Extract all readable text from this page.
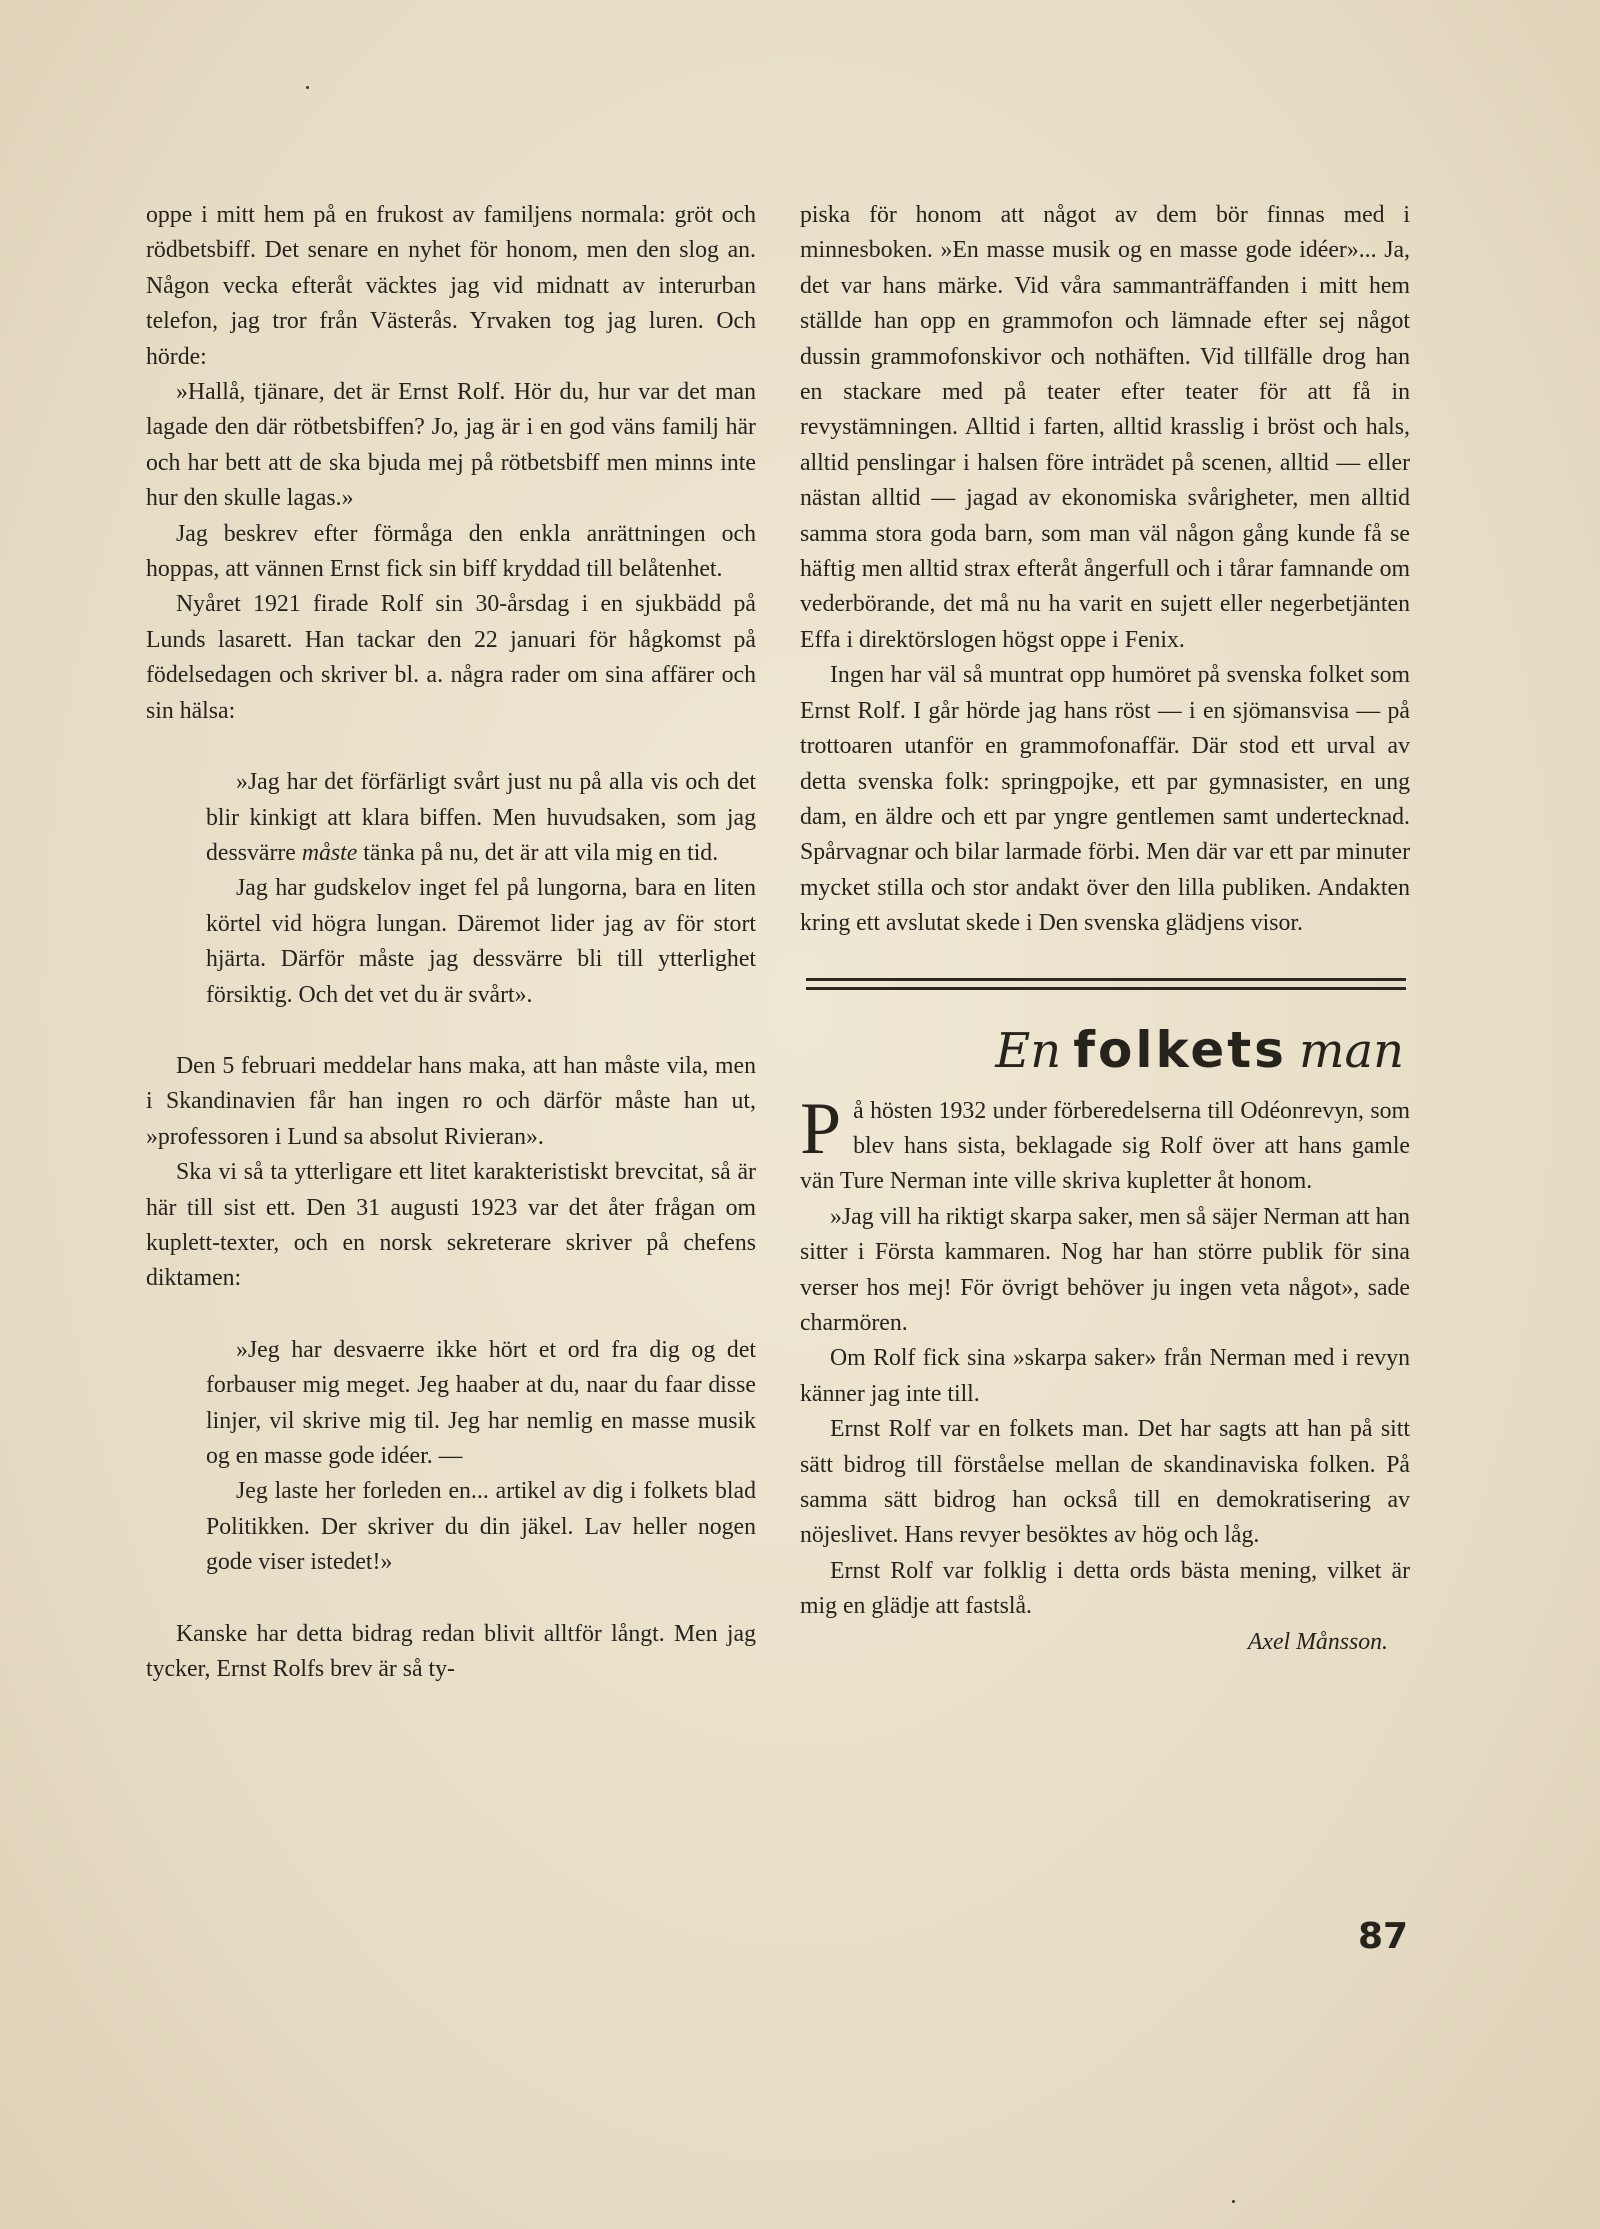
oppe i mitt hem på en frukost av familjens normala: gröt och rödbetsbiff. Det senare en nyhet för honom, men den slog an. Någon vecka efteråt väcktes jag vid midnatt av interurban telefon, jag tror från Västerås. Yrvaken tog jag luren. Och hörde:

»Hallå, tjänare, det är Ernst Rolf. Hör du, hur var det man lagade den där rötbetsbiffen? Jo, jag är i en god väns familj här och har bett att de ska bjuda mej på rötbetsbiff men minns inte hur den skulle lagas.»

Jag beskrev efter förmåga den enkla anrättningen och hoppas, att vännen Ernst fick sin biff kryddad till belåtenhet.

Nyåret 1921 firade Rolf sin 30-årsdag i en sjukbädd på Lunds lasarett. Han tackar den 22 januari för hågkomst på födelsedagen och skriver bl. a. några rader om sina affärer och sin hälsa:

»Jag har det förfärligt svårt just nu på alla vis och det blir kinkigt att klara biffen. Men huvudsaken, som jag dessvärre måste tänka på nu, det är att vila mig en tid.

Jag har gudskelov inget fel på lungorna, bara en liten körtel vid högra lungan. Däremot lider jag av för stort hjärta. Därför måste jag dessvärre bli till ytterlighet försiktig. Och det vet du är svårt».

Den 5 februari meddelar hans maka, att han måste vila, men i Skandinavien får han ingen ro och därför måste han ut, »professoren i Lund sa absolut Rivieran».

Ska vi så ta ytterligare ett litet karakteristiskt brevcitat, så är här till sist ett. Den 31 augusti 1923 var det åter frågan om kuplett-texter, och en norsk sekreterare skriver på chefens diktamen:

»Jeg har desvaerre ikke hört et ord fra dig og det forbauser mig meget. Jeg haaber at du, naar du faar disse linjer, vil skrive mig til. Jeg har nemlig en masse musik og en masse gode idéer. —

Jeg laste her forleden en... artikel av dig i folkets blad Politikken. Der skriver du din jäkel. Lav heller nogen gode viser istedet!»

Kanske har detta bidrag redan blivit alltför långt. Men jag tycker, Ernst Rolfs brev är så ty-

piska för honom att något av dem bör finnas med i minnesboken. »En masse musik og en masse gode idéer»... Ja, det var hans märke. Vid våra sammanträffanden i mitt hem ställde han opp en grammofon och lämnade efter sej något dussin grammofonskivor och nothäften. Vid tillfälle drog han en stackare med på teater efter teater för att få in revystämningen. Alltid i farten, alltid krasslig i bröst och hals, alltid penslingar i halsen före inträdet på scenen, alltid — eller nästan alltid — jagad av ekonomiska svårigheter, men alltid samma stora goda barn, som man väl någon gång kunde få se häftig men alltid strax efteråt ångerfull och i tårar famnande om vederbörande, det må nu ha varit en sujett eller negerbetjänten Effa i direktörslogen högst oppe i Fenix.

Ingen har väl så muntrat opp humöret på svenska folket som Ernst Rolf. I går hörde jag hans röst — i en sjömansvisa — på trottoaren utanför en grammofonaffär. Där stod ett urval av detta svenska folk: springpojke, ett par gymnasister, en ung dam, en äldre och ett par yngre gentlemen samt undertecknad. Spårvagnar och bilar larmade förbi. Men där var ett par minuter mycket stilla och stor andakt över den lilla publiken. Andakten kring ett avslutat skede i Den svenska glädjens visor.

En folkets man

På hösten 1932 under förberedelserna till Odéonrevyn, som blev hans sista, beklagade sig Rolf över att hans gamle vän Ture Nerman inte ville skriva kupletter åt honom.

»Jag vill ha riktigt skarpa saker, men så säjer Nerman att han sitter i Första kammaren. Nog har han större publik för sina verser hos mej! För övrigt behöver ju ingen veta något», sade charmören.

Om Rolf fick sina »skarpa saker» från Nerman med i revyn känner jag inte till.

Ernst Rolf var en folkets man. Det har sagts att han på sitt sätt bidrog till förståelse mellan de skandinaviska folken. På samma sätt bidrog han också till en demokratisering av nöjeslivet. Hans revyer besöktes av hög och låg.

Ernst Rolf var folklig i detta ords bästa mening, vilket är mig en glädje att fastslå.

Axel Månsson.

87
